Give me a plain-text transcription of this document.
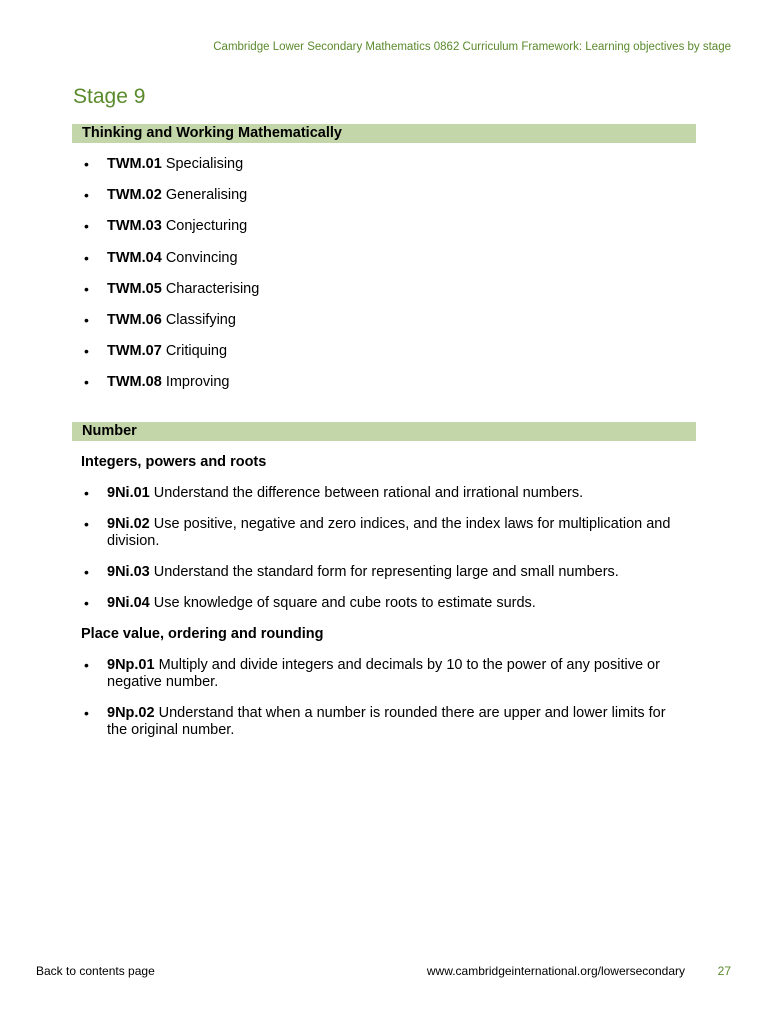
Cambridge Lower Secondary Mathematics 0862 Curriculum Framework: Learning objectives by stage
Stage 9
Thinking and Working Mathematically
• TWM.01 Specialising
• TWM.02 Generalising
• TWM.03 Conjecturing
• TWM.04 Convincing
• TWM.05 Characterising
• TWM.06 Classifying
• TWM.07 Critiquing
• TWM.08 Improving
Number
Integers, powers and roots
• 9Ni.01 Understand the difference between rational and irrational numbers.
• 9Ni.02 Use positive, negative and zero indices, and the index laws for multiplication and division.
• 9Ni.03 Understand the standard form for representing large and small numbers.
• 9Ni.04 Use knowledge of square and cube roots to estimate surds.
Place value, ordering and rounding
• 9Np.01 Multiply and divide integers and decimals by 10 to the power of any positive or negative number.
• 9Np.02 Understand that when a number is rounded there are upper and lower limits for the original number.
Back to contents page	www.cambridgeinternational.org/lowersecondary	27
